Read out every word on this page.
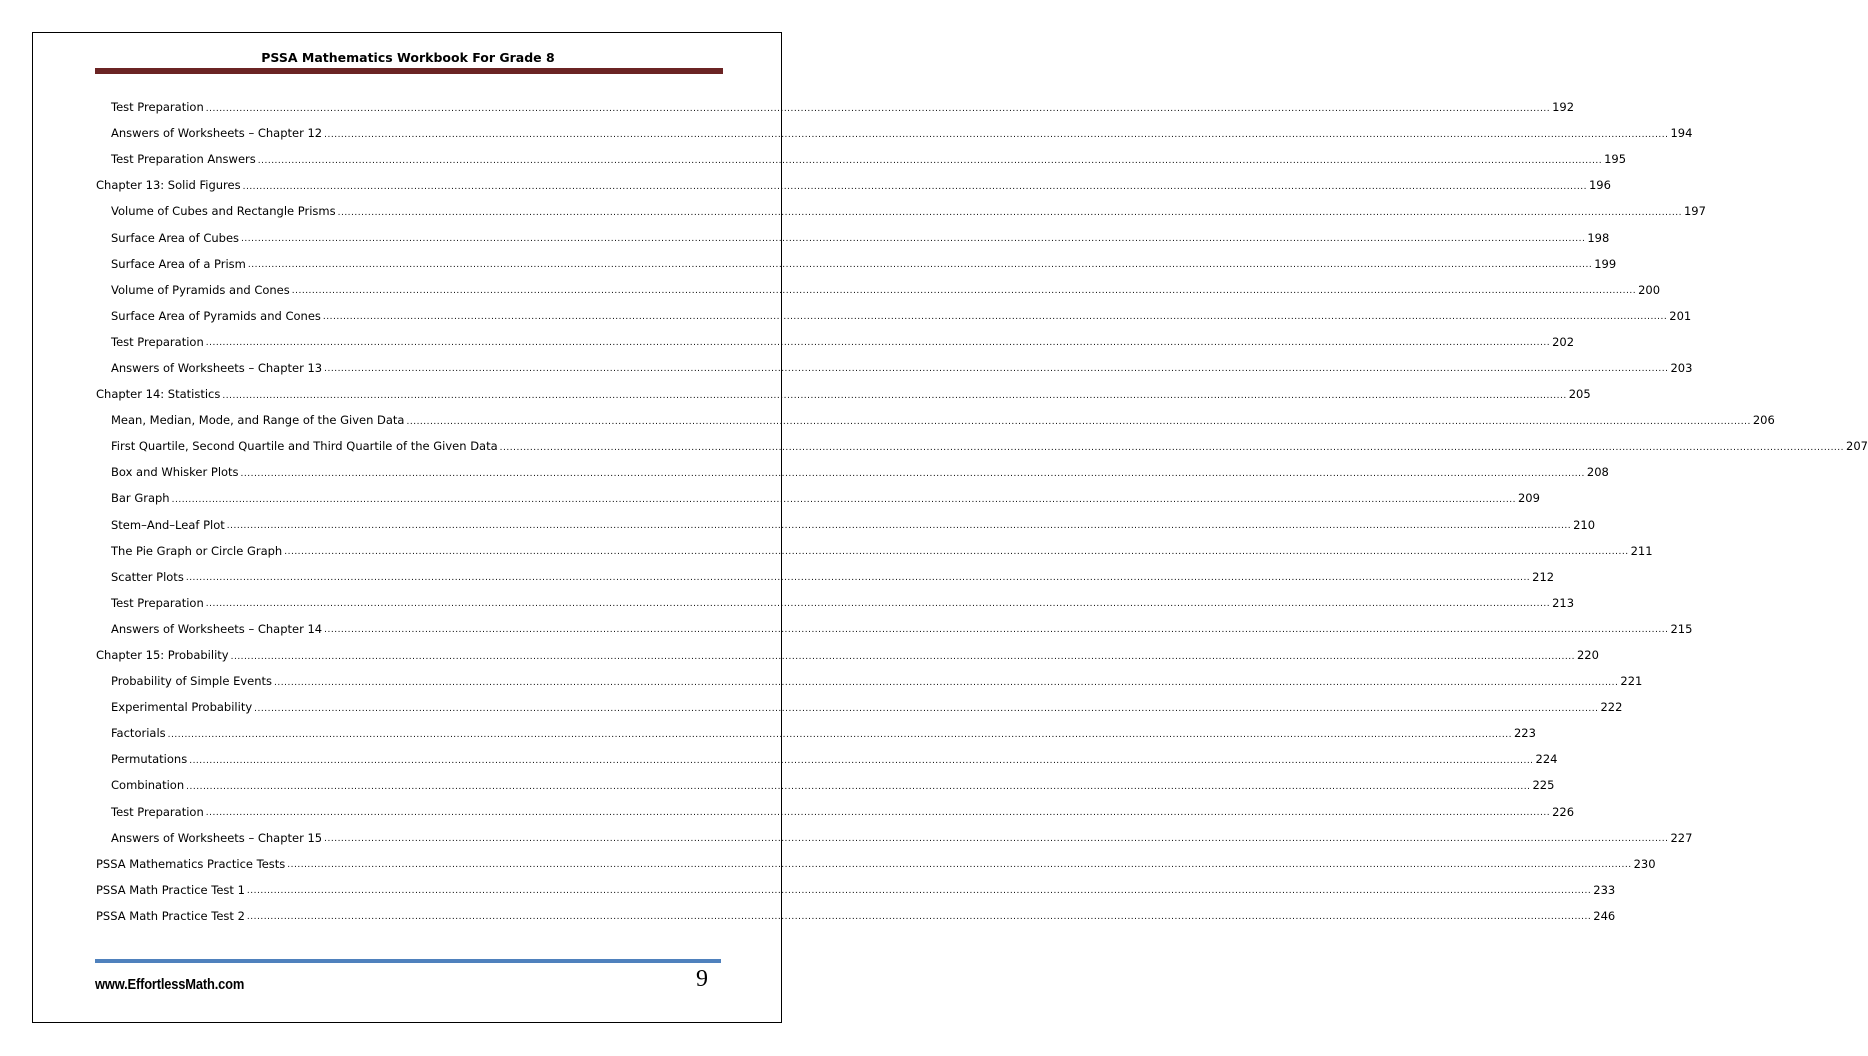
PSSA Mathematics Workbook For Grade 8
Test Preparation ................................................................................................................................................................................................................................................................................................................................................................................................................ 192
Answers of Worksheets – Chapter 12 ................................................................................................................................................................................................................................................................................................................................................................................................................ 194
Test Preparation Answers ................................................................................................................................................................................................................................................................................................................................................................................................................ 195
Chapter 13: Solid Figures ................................................................................................................................................................................................................................................................................................................................................................................................................ 196
Volume of Cubes and Rectangle Prisms ................................................................................................................................................................................................................................................................................................................................................................................................................ 197
Surface Area of Cubes ................................................................................................................................................................................................................................................................................................................................................................................................................ 198
Surface Area of a Prism ................................................................................................................................................................................................................................................................................................................................................................................................................ 199
Volume of Pyramids and Cones ................................................................................................................................................................................................................................................................................................................................................................................................................ 200
Surface Area of Pyramids and Cones ................................................................................................................................................................................................................................................................................................................................................................................................................ 201
Test Preparation ................................................................................................................................................................................................................................................................................................................................................................................................................ 202
Answers of Worksheets – Chapter 13 ................................................................................................................................................................................................................................................................................................................................................................................................................ 203
Chapter 14: Statistics ................................................................................................................................................................................................................................................................................................................................................................................................................ 205
Mean, Median, Mode, and Range of the Given Data ................................................................................................................................................................................................................................................................................................................................................................................................................ 206
First Quartile, Second Quartile and Third Quartile of the Given Data ................................................................................................................................................................................................................................................................................................................................................................................................................ 207
Box and Whisker Plots ................................................................................................................................................................................................................................................................................................................................................................................................................ 208
Bar Graph ................................................................................................................................................................................................................................................................................................................................................................................................................ 209
Stem–And–Leaf Plot ................................................................................................................................................................................................................................................................................................................................................................................................................ 210
The Pie Graph or Circle Graph ................................................................................................................................................................................................................................................................................................................................................................................................................ 211
Scatter Plots ................................................................................................................................................................................................................................................................................................................................................................................................................ 212
Test Preparation ................................................................................................................................................................................................................................................................................................................................................................................................................ 213
Answers of Worksheets – Chapter 14 ................................................................................................................................................................................................................................................................................................................................................................................................................ 215
Chapter 15: Probability ................................................................................................................................................................................................................................................................................................................................................................................................................ 220
Probability of Simple Events ................................................................................................................................................................................................................................................................................................................................................................................................................ 221
Experimental Probability ................................................................................................................................................................................................................................................................................................................................................................................................................ 222
Factorials ................................................................................................................................................................................................................................................................................................................................................................................................................ 223
Permutations ................................................................................................................................................................................................................................................................................................................................................................................................................ 224
Combination ................................................................................................................................................................................................................................................................................................................................................................................................................ 225
Test Preparation ................................................................................................................................................................................................................................................................................................................................................................................................................ 226
Answers of Worksheets – Chapter 15 ................................................................................................................................................................................................................................................................................................................................................................................................................ 227
PSSA Mathematics Practice Tests ................................................................................................................................................................................................................................................................................................................................................................................................................ 230
PSSA Math Practice Test 1 ................................................................................................................................................................................................................................................................................................................................................................................................................ 233
PSSA Math Practice Test 2 ................................................................................................................................................................................................................................................................................................................................................................................................................ 246
www.EffortlessMath.com	9
